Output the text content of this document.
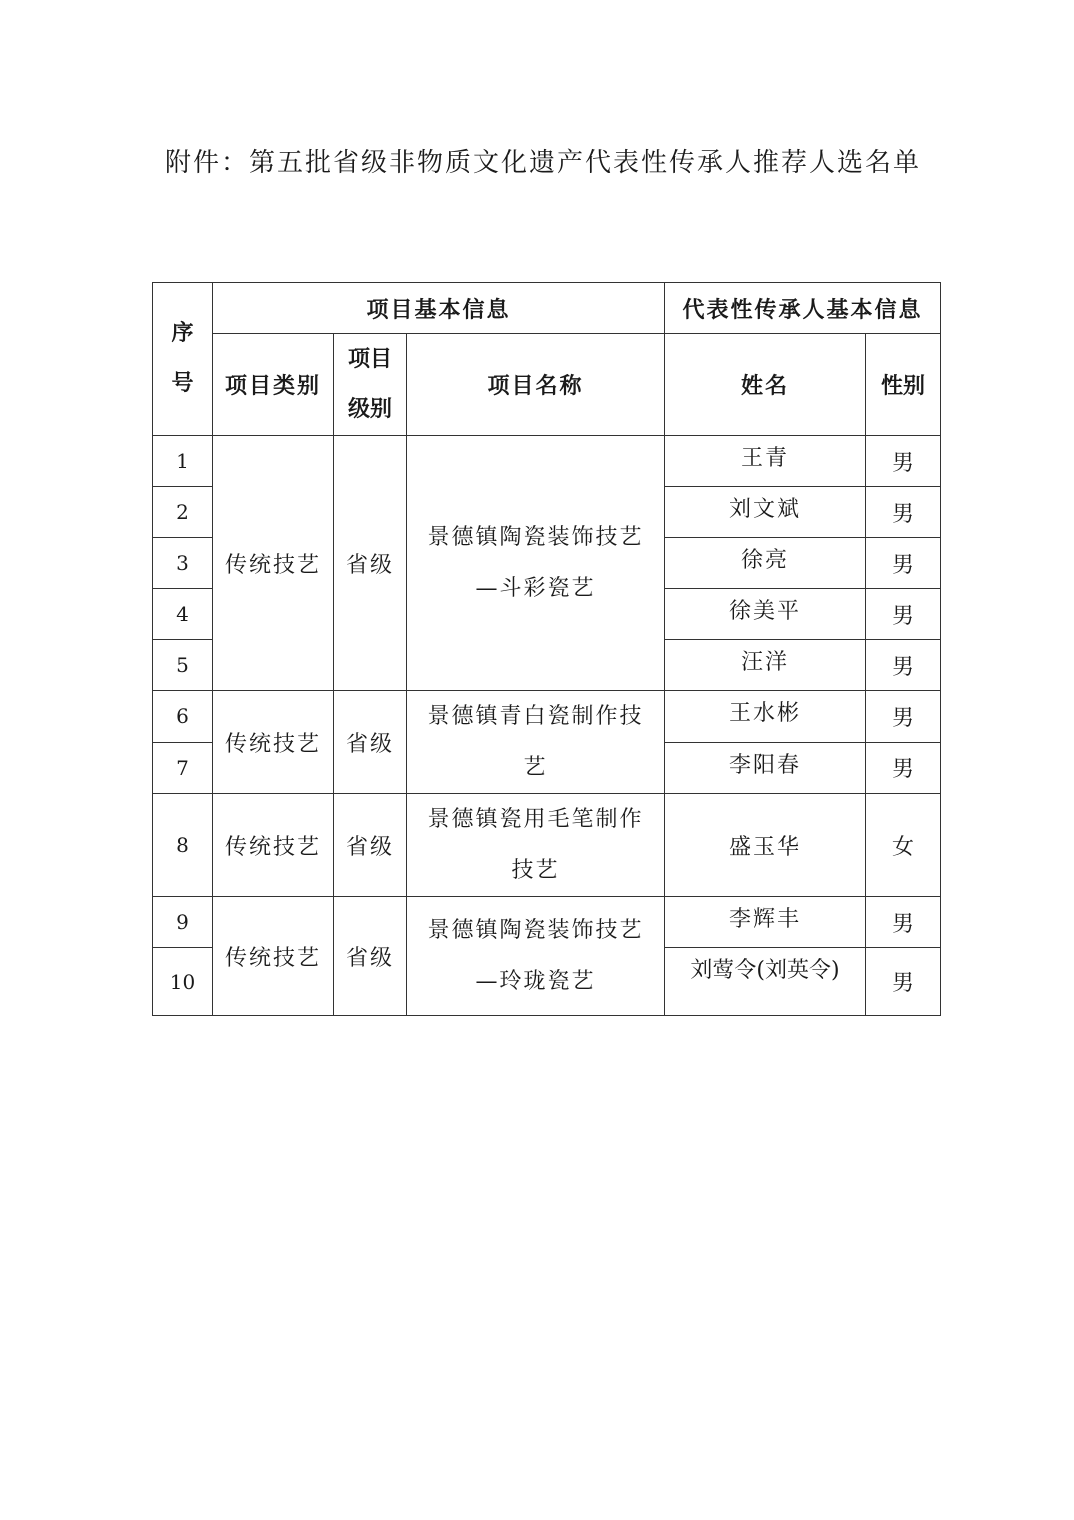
附件：第五批省级非物质文化遗产代表性传承人推荐人选名单
序号	项目基本信息			代表性传承人基本信息	
	项目类别	项目级别	项目名称	姓名	性别
1	传统技艺	省级	景德镇陶瓷装饰技艺—斗彩瓷艺	王青	男
2				刘文斌	男
3				徐亮	男
4				徐美平	男
5				汪洋	男
6	传统技艺	省级	景德镇青白瓷制作技艺	王水彬	男
7				李阳春	男
8	传统技艺	省级	景德镇瓷用毛笔制作技艺	盛玉华	女
9	传统技艺	省级	景德镇陶瓷装饰技艺—玲珑瓷艺	李辉丰	男
10				刘莺令(刘英令)	男
